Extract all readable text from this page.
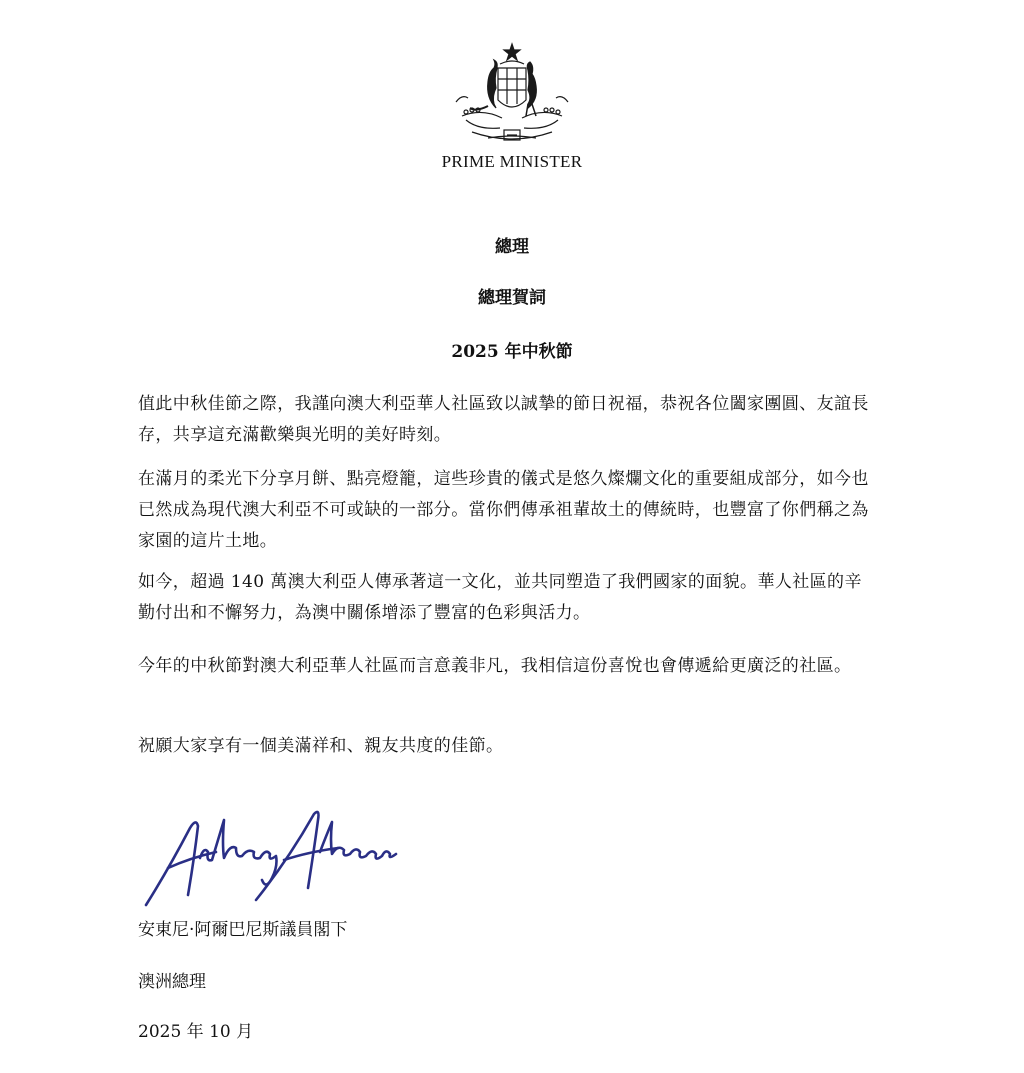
PRIME MINISTER
總理
總理賀詞
2025 年中秋節
值此中秋佳節之際，我謹向澳大利亞華人社區致以誠摯的節日祝福，恭祝各位闔家團圓、友誼長存，共享這充滿歡樂與光明的美好時刻。
在滿月的柔光下分享月餅、點亮燈籠，這些珍貴的儀式是悠久燦爛文化的重要組成部分，如今也已然成為現代澳大利亞不可或缺的一部分。當你們傳承祖輩故土的傳統時，也豐富了你們稱之為家園的這片土地。
如今，超過 140 萬澳大利亞人傳承著這一文化，並共同塑造了我們國家的面貌。華人社區的辛勤付出和不懈努力，為澳中關係增添了豐富的色彩與活力。
今年的中秋節對澳大利亞華人社區而言意義非凡，我相信這份喜悅也會傳遞給更廣泛的社區。
祝願大家享有一個美滿祥和、親友共度的佳節。
安東尼·阿爾巴尼斯議員閣下
澳洲總理
2025 年 10 月
